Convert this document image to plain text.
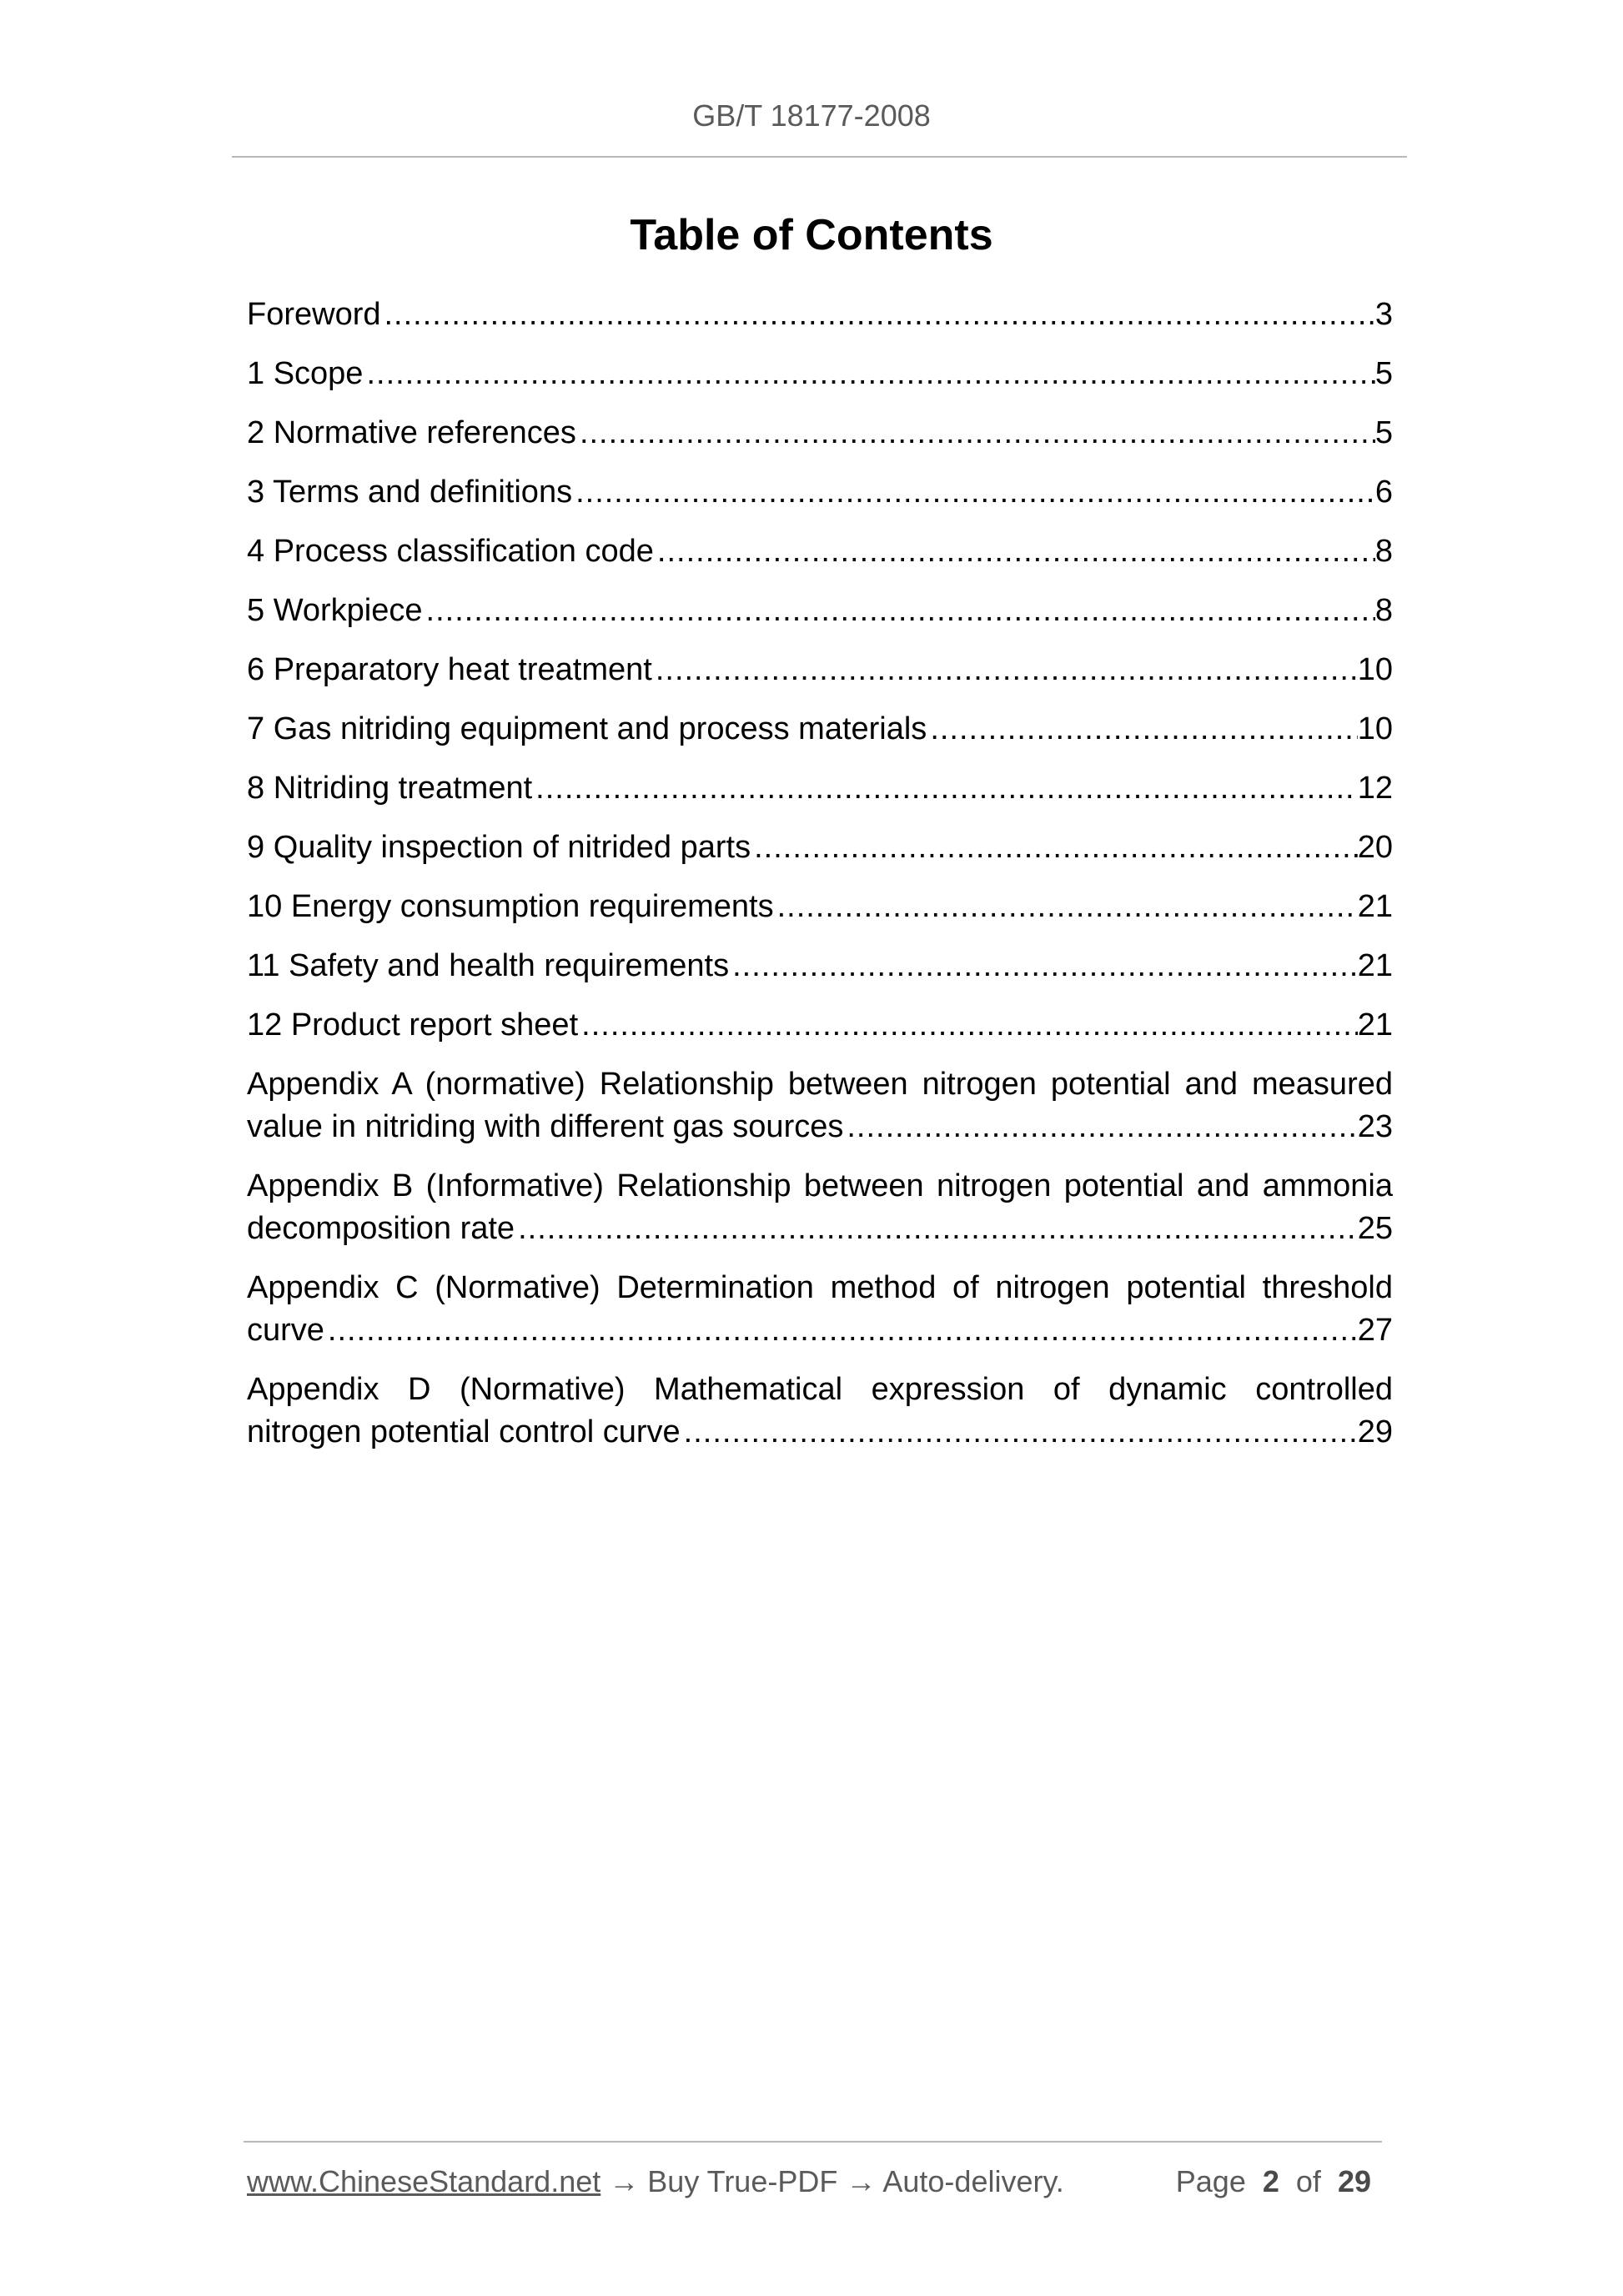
GB/T 18177-2008
Table of Contents
Foreword .....	3
1 Scope .....	5
2 Normative references .....	5
3 Terms and definitions .....	6
4 Process classification code .....	8
5 Workpiece .....	8
6 Preparatory heat treatment .....	10
7 Gas nitriding equipment and process materials .....	10
8 Nitriding treatment .....	12
9 Quality inspection of nitrided parts .....	20
10 Energy consumption requirements .....	21
11 Safety and health requirements .....	21
12 Product report sheet .....	21
Appendix A (normative) Relationship between nitrogen potential and measured
value in nitriding with different gas sources .....	23
Appendix B (Informative) Relationship between nitrogen potential and ammonia
decomposition rate .....	25
Appendix C (Normative) Determination method of nitrogen potential threshold
curve .....	27
Appendix D (Normative) Mathematical expression of dynamic controlled
nitrogen potential control curve .....	29
www.ChineseStandard.net → Buy True-PDF → Auto-delivery.	Page 2 of 29
